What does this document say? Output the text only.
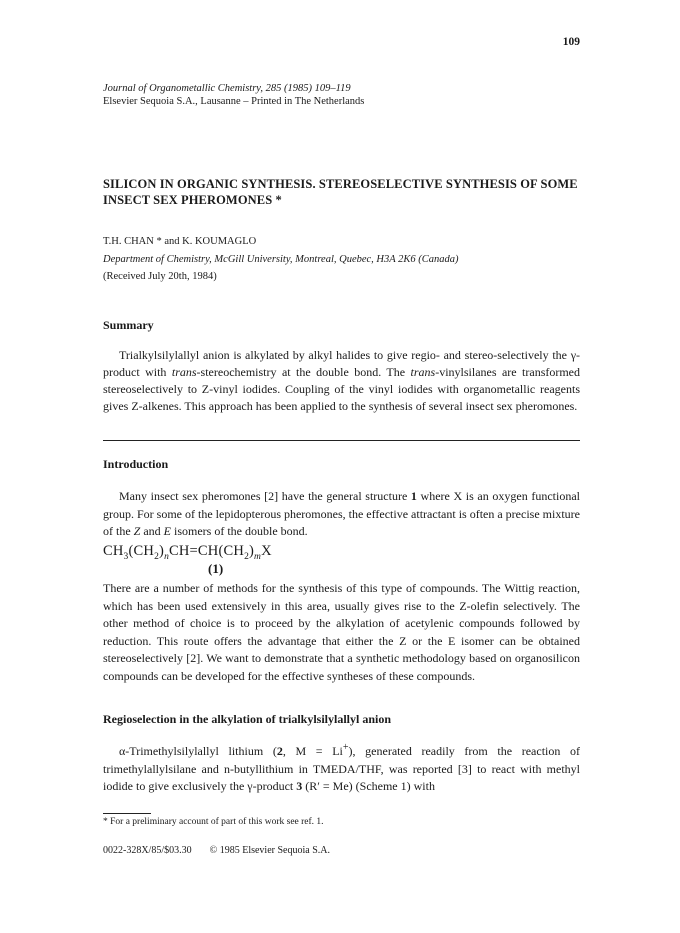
109
Journal of Organometallic Chemistry, 285 (1985) 109–119
Elsevier Sequoia S.A., Lausanne – Printed in The Netherlands
SILICON IN ORGANIC SYNTHESIS. STEREOSELECTIVE SYNTHESIS OF SOME INSECT SEX PHEROMONES *
T.H. CHAN * and K. KOUMAGLO
Department of Chemistry, McGill University, Montreal, Quebec, H3A 2K6 (Canada)
(Received July 20th, 1984)
Summary

Trialkylsilylallyl anion is alkylated by alkyl halides to give regio- and stereo-selectively the γ-product with trans-stereochemistry at the double bond. The trans-vinylsilanes are transformed stereoselectively to Z-vinyl iodides. Coupling of the vinyl iodides with organometallic reagents gives Z-alkenes. This approach has been applied to the synthesis of several insect sex pheromones.

Introduction

Many insect sex pheromones [2] have the general structure 1 where X is an oxygen functional group. For some of the lepidopterous pheromones, the effective attractant is often a precise mixture of the Z and E isomers of the double bond.

$CH_3(CH_2)_nCH=CH(CH_2)_mX$
(1)

There are a number of methods for the synthesis of this type of compounds. The Wittig reaction, which has been used extensively in this area, usually gives rise to the Z-olefin selectively. The other method of choice is to proceed by the alkylation of acetylenic compounds followed by reduction. This route offers the advantage that either the Z or the E isomer can be obtained stereoselectively [2]. We want to demonstrate that a synthetic methodology based on organosilicon compounds can be developed for the effective syntheses of these compounds.

Regioselection in the alkylation of trialkylsilylallyl anion

α-Trimethylsilylallyl lithium (2, M = Li+), generated readily from the reaction of trimethylallylsilane and n-butyllithium in TMEDA/THF, was reported [3] to react with methyl iodide to give exclusively the γ-product 3 (R′ = Me) (Scheme 1) with

* For a preliminary account of part of this work see ref. 1.
0022-328X/85/$03.30 © 1985 Elsevier Sequoia S.A.
